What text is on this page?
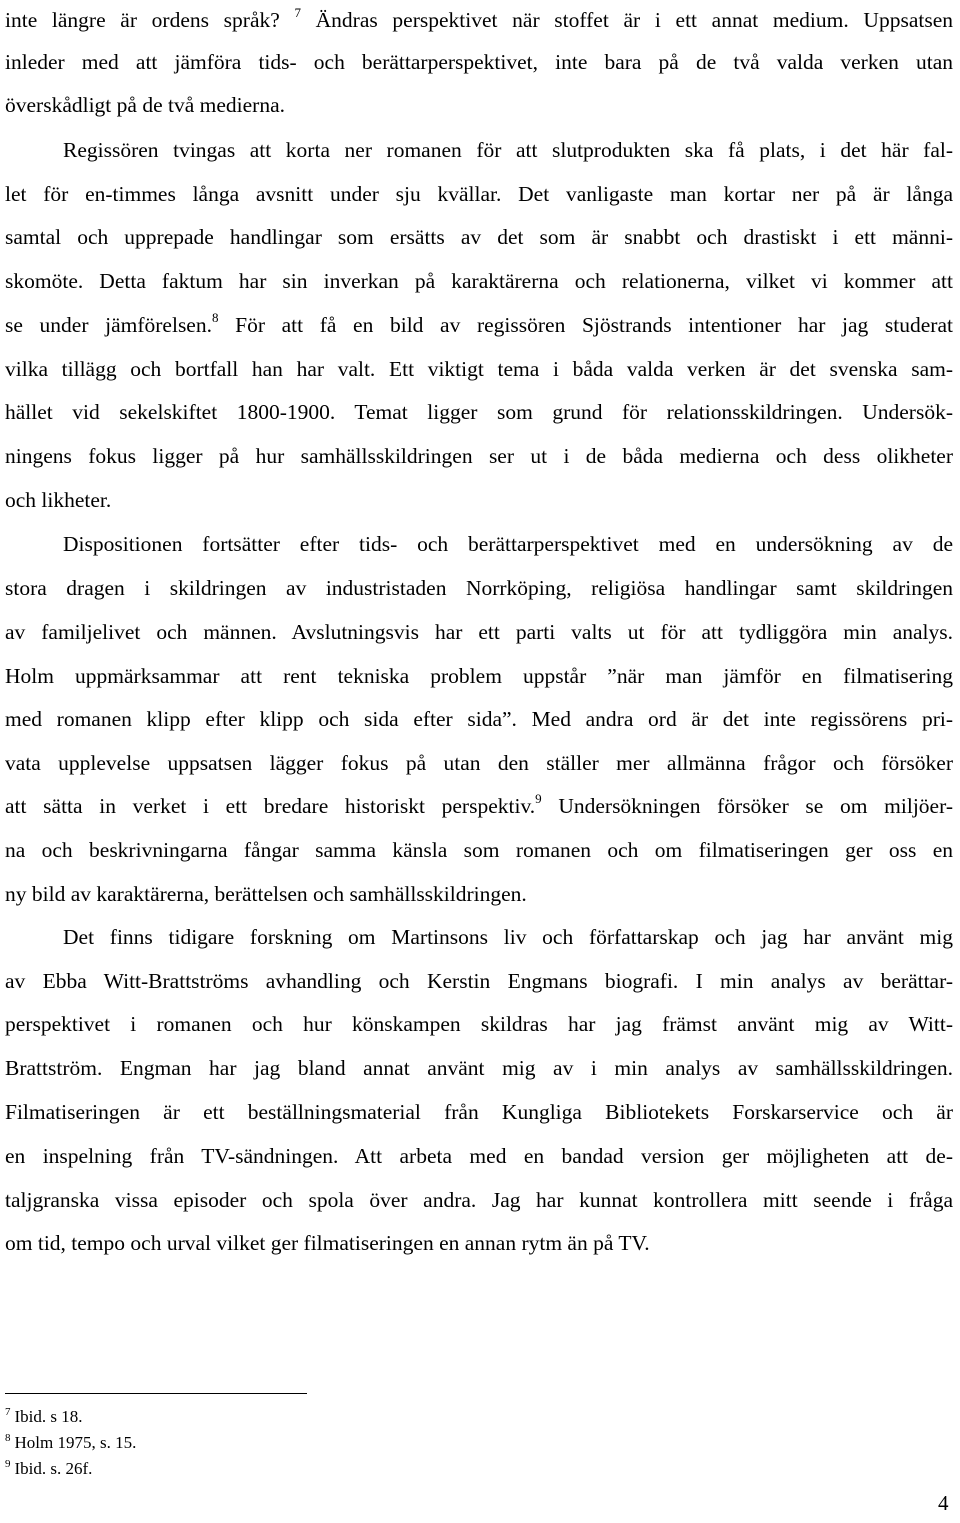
inte längre är ordens språk? $^7$ Ändras perspektivet när stoffet är i ett annat medium. Uppsatsen
inleder med att jämföra tids- och berättarperspektivet, inte bara på de två valda verken utan
överskådligt på de två medierna.
Regissören tvingas att korta ner romanen för att slutprodukten ska få plats, i det här fal-
let för en-timmes långa avsnitt under sju kvällar. Det vanligaste man kortar ner på är långa
samtal och upprepade handlingar som ersätts av det som är snabbt och drastiskt i ett männi-
skomöte. Detta faktum har sin inverkan på karaktärerna och relationerna, vilket vi kommer att
se under jämförelsen.$^8$ För att få en bild av regissören Sjöstrands intentioner har jag studerat
vilka tillägg och bortfall han har valt. Ett viktigt tema i båda valda verken är det svenska sam-
hället vid sekelskiftet 1800-1900. Temat ligger som grund för relationsskildringen. Undersök-
ningens fokus ligger på hur samhällsskildringen ser ut i de båda medierna och dess olikheter
och likheter.
Dispositionen fortsätter efter tids- och berättarperspektivet med en undersökning av de
stora dragen i skildringen av industristaden Norrköping, religiösa handlingar samt skildringen
av familjelivet och männen. Avslutningsvis har ett parti valts ut för att tydliggöra min analys.
Holm uppmärksammar att rent tekniska problem uppstår ”när man jämför en filmatisering
med romanen klipp efter klipp och sida efter sida”. Med andra ord är det inte regissörens pri-
vata upplevelse uppsatsen lägger fokus på utan den ställer mer allmänna frågor och försöker
att sätta in verket i ett bredare historiskt perspektiv.$^9$ Undersökningen försöker se om miljöer-
na och beskrivningarna fångar samma känsla som romanen och om filmatiseringen ger oss en
ny bild av karaktärerna, berättelsen och samhällsskildringen.
Det finns tidigare forskning om Martinsons liv och författarskap och jag har använt mig
av Ebba Witt-Brattströms avhandling och Kerstin Engmans biografi. I min analys av berättar-
perspektivet i romanen och hur könskampen skildras har jag främst använt mig av Witt-
Brattström. Engman har jag bland annat använt mig av i min analys av samhällsskildringen.
Filmatiseringen är ett beställningsmaterial från Kungliga Bibliotekets Forskarservice och är
en inspelning från TV-sändningen. Att arbeta med en bandad version ger möjligheten att de-
taljgranska vissa episoder och spola över andra. Jag har kunnat kontrollera mitt seende i fråga
om tid, tempo och urval vilket ger filmatiseringen en annan rytm än på TV.
$^7$ Ibid. s 18.
$^8$ Holm 1975, s. 15.
$^9$ Ibid. s. 26f.
4
